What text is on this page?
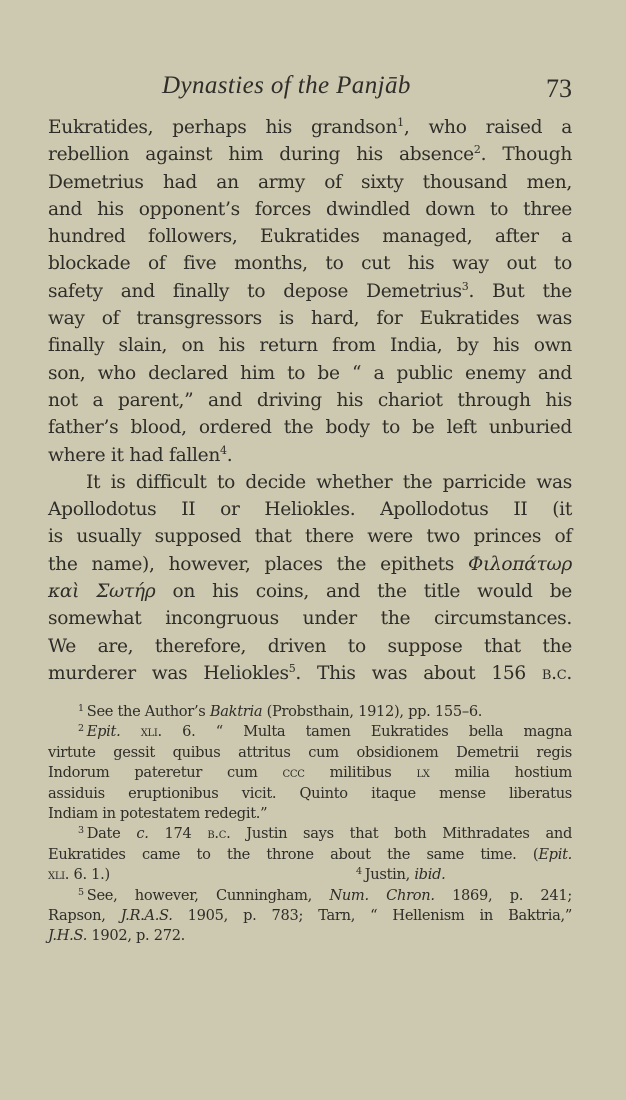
Dynasties of the Panjāb	73

Eukratides, perhaps his grandson$^1$, who raised a
rebellion against him during his absence$^2$. Though
Demetrius had an army of sixty thousand men,
and his opponent’s forces dwindled down to three
hundred followers, Eukratides managed, after a
blockade of five months, to cut his way out to
safety and finally to depose Demetrius$^3$. But the
way of transgressors is hard, for Eukratides was
finally slain, on his return from India, by his own
son, who declared him to be “ a public enemy and
not a parent,” and driving his chariot through his
father’s blood, ordered the body to be left unburied
where it had fallen$^4$.

It is difficult to decide whether the parricide was
Apollodotus II or Heliokles. Apollodotus II (it
is usually supposed that there were two princes of
the name), however, places the epithets Φιλοπάτωρ
καὶ Σωτήρ on his coins, and the title would be
somewhat incongruous under the circumstances.
We are, therefore, driven to suppose that the
murderer was Heliokles$^5$. This was about 156 b.c.

$^1$ See the Author’s Baktria (Probsthain, 1912), pp. 155–6.
$^2$ Epit. xli. 6. “ Multa tamen Eukratides bella magna
virtute gessit quibus attritus cum obsidionem Demetrii regis
Indorum pateretur cum ccc militibus lx milia hostium
assiduis eruptionibus vicit. Quinto itaque mense liberatus
Indiam in potestatem redegit.”
$^3$ Date c. 174 b.c. Justin says that both Mithradates and
Eukratides came to the throne about the same time. (Epit.
xli. 6. 1.)	$^4$ Justin, ibid.
$^5$ See, however, Cunningham, Num. Chron. 1869, p. 241;
Rapson, J.R.A.S. 1905, p. 783; Tarn, “ Hellenism in Baktria,”
J.H.S. 1902, p. 272.
